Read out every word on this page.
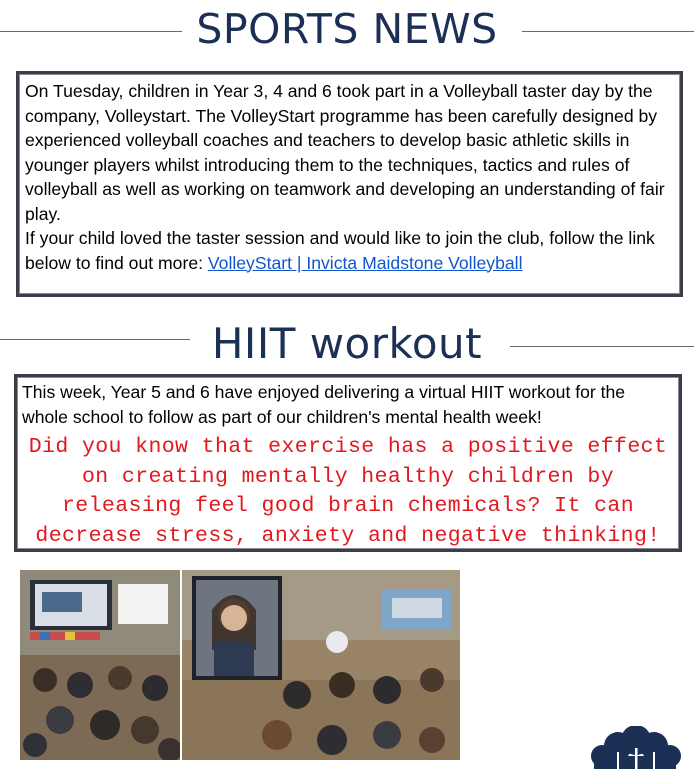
SPORTS NEWS

On Tuesday, children in Year 3, 4 and 6 took part in a Volleyball taster day by the company, Volleystart. The VolleyStart programme has been carefully designed by experienced volleyball coaches and teachers to develop basic athletic skills in younger players whilst introducing them to the techniques, tactics and rules of volleyball as well as working on teamwork and developing an understanding of fair play.

If your child loved the taster session and would like to join the club, follow the link below to find out more: VolleyStart | Invicta Maidstone Volleyball

HIIT workout
This week, Year 5 and 6 have enjoyed delivering a virtual HIIT workout for the whole school to follow as part of our children's mental health week!
Did you know that exercise has a positive effect on creating mentally healthy children by releasing feel good brain chemicals? It can decrease stress, anxiety and negative thinking!
